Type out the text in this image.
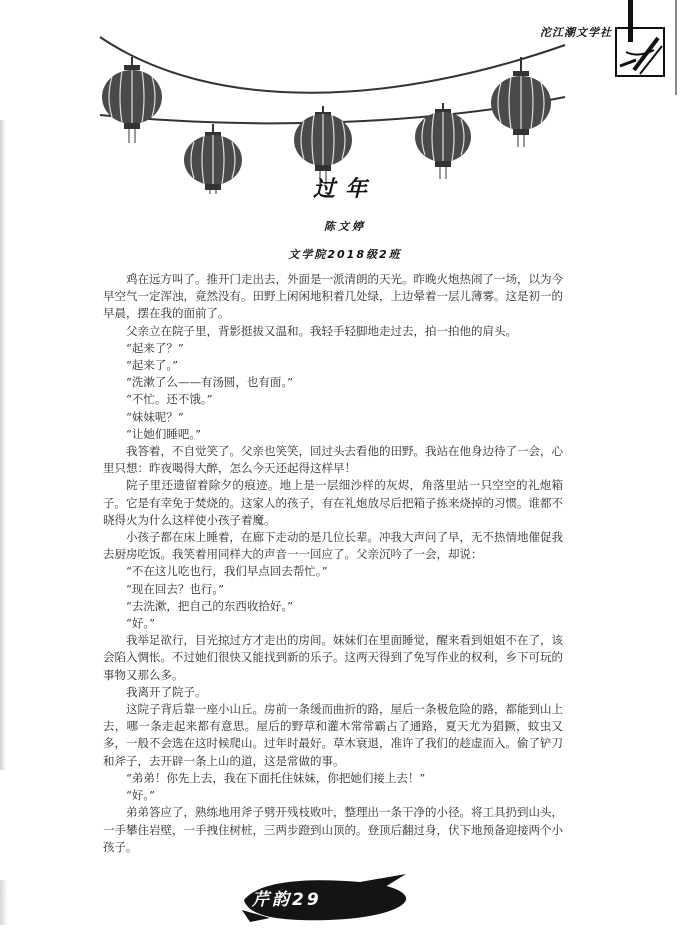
沱江潮文学社
过年
陈文婷
文学院2018级2班

鸡在远方叫了。推开门走出去，外面是一派清朗的天光。昨晚火炮热闹了一场，以为今早空气一定浑浊，竟然没有。田野上闲闲地积着几处绿，上边晕着一层儿薄雾。这是初一的早晨，摆在我的面前了。

父亲立在院子里，背影挺拔又温和。我轻手轻脚地走过去，拍一拍他的肩头。

“起来了？”

“起来了。”

“洗漱了么——有汤圆，也有面。”

“不忙。还不饿。”

“妹妹呢？”

“让她们睡吧。”

我答着，不自觉笑了。父亲也笑笑，回过头去看他的田野。我站在他身边待了一会，心里只想：昨夜喝得大醉，怎么今天还起得这样早！

院子里还遗留着除夕的痕迹。地上是一层细沙样的灰烬，角落里站一只空空的礼炮箱子。它是有幸免于焚烧的。这家人的孩子，有在礼炮放尽后把箱子拣来烧掉的习惯。谁都不晓得火为什么这样使小孩子着魔。

小孩子都在床上睡着，在廊下走动的是几位长辈。冲我大声问了早，无不热情地催促我去厨房吃饭。我笑着用同样大的声音一一回应了。父亲沉吟了一会，却说：

“不在这儿吃也行，我们早点回去帮忙。”

“现在回去？也行。”

“去洗漱，把自己的东西收拾好。”

“好。”

我举足欲行，目光掠过方才走出的房间。妹妹们在里面睡觉，醒来看到姐姐不在了，该会陷入惆怅。不过她们很快又能找到新的乐子。这两天得到了免写作业的权利，乡下可玩的事物又那么多。

我离开了院子。

这院子背后靠一座小山丘。房前一条缓而曲折的路，屋后一条极危险的路，都能到山上去，哪一条走起来都有意思。屋后的野草和灌木常常霸占了通路，夏天尤为猖獗，蚊虫又多，一般不会选在这时候爬山。过年时最好。草木衰退，准许了我们的趁虚而入。偷了铲刀和斧子，去开辟一条上山的道，这是常做的事。

“弟弟！你先上去，我在下面托住妹妹，你把她们接上去！”

“好。”

弟弟答应了，熟练地用斧子劈开残枝败叶，整理出一条干净的小径。将工具扔到山头，一手攀住岩壁，一手拽住树桩，三两步蹬到山顶的。登顶后翻过身，伏下地预备迎接两个小孩子。

芹韵29
